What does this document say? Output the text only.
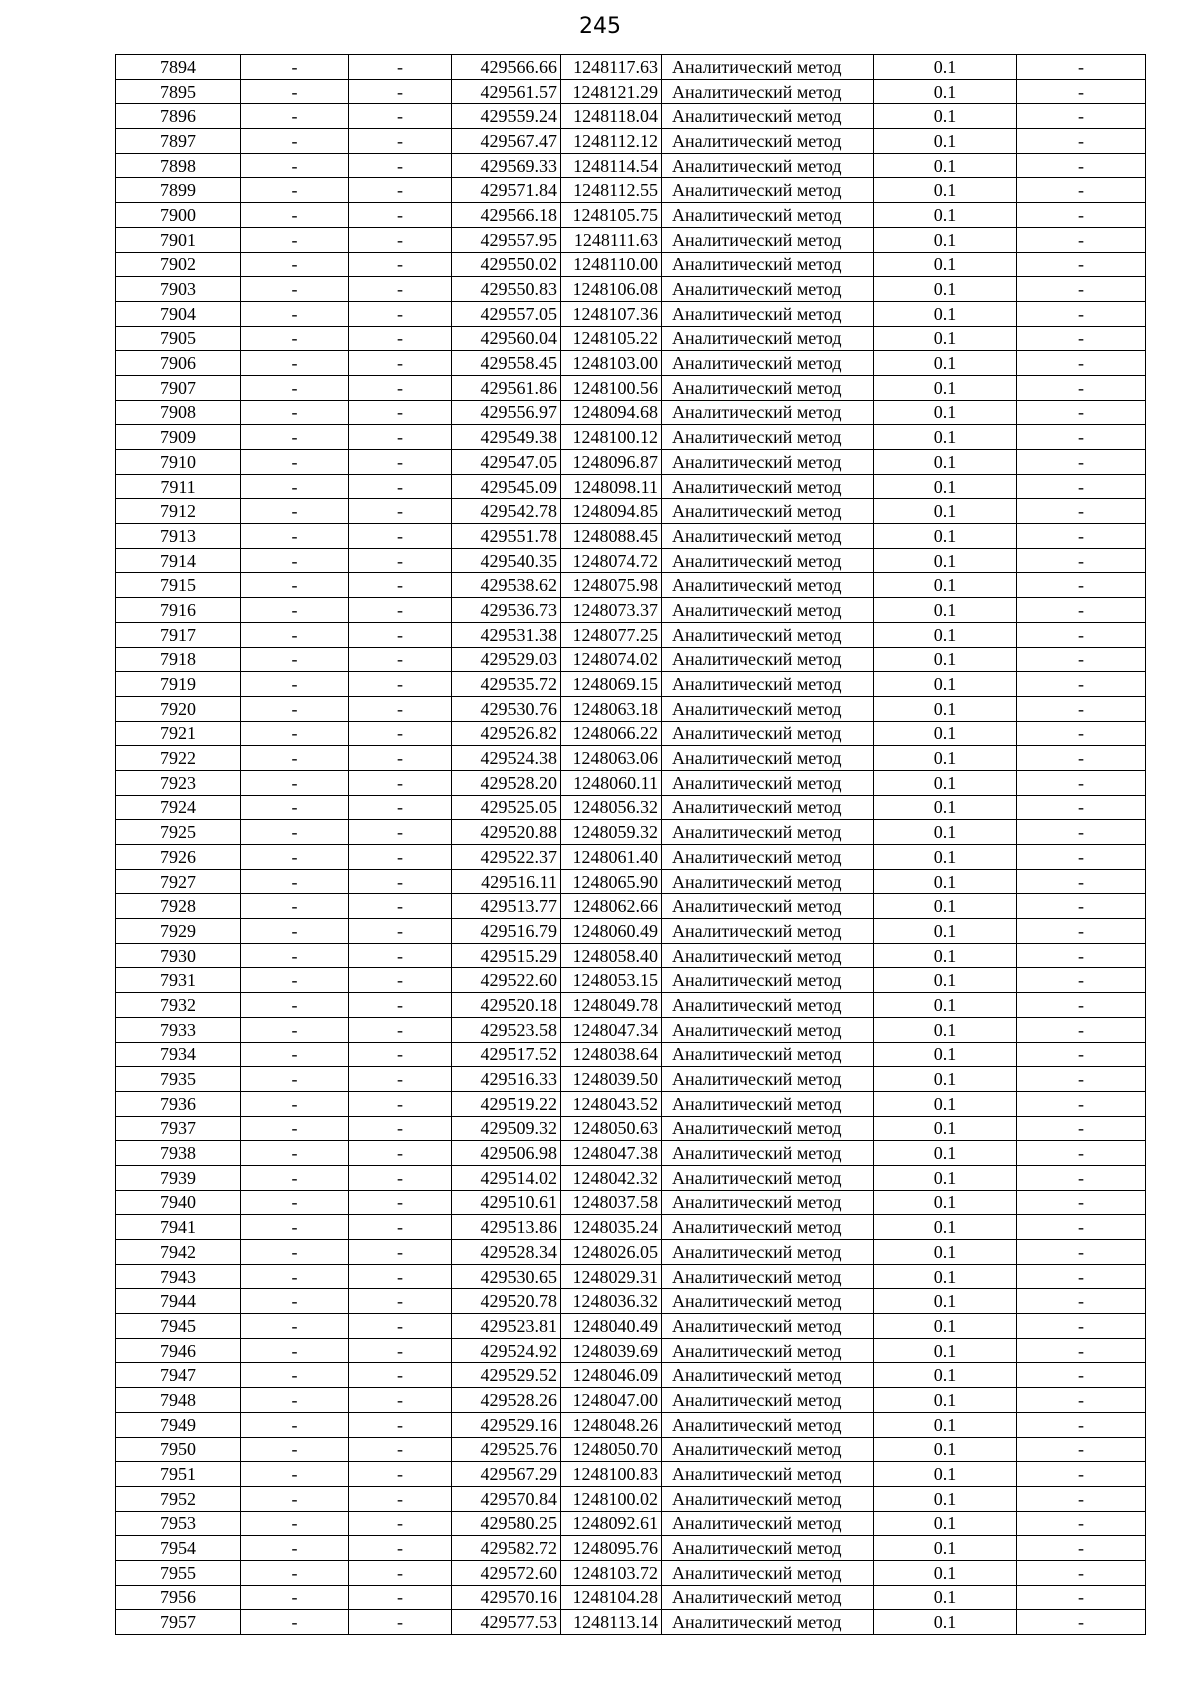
245
7894	-	-	429566.66	1248117.63	Аналитический метод	0.1	-
7895	-	-	429561.57	1248121.29	Аналитический метод	0.1	-
7896	-	-	429559.24	1248118.04	Аналитический метод	0.1	-
7897	-	-	429567.47	1248112.12	Аналитический метод	0.1	-
7898	-	-	429569.33	1248114.54	Аналитический метод	0.1	-
7899	-	-	429571.84	1248112.55	Аналитический метод	0.1	-
7900	-	-	429566.18	1248105.75	Аналитический метод	0.1	-
7901	-	-	429557.95	1248111.63	Аналитический метод	0.1	-
7902	-	-	429550.02	1248110.00	Аналитический метод	0.1	-
7903	-	-	429550.83	1248106.08	Аналитический метод	0.1	-
7904	-	-	429557.05	1248107.36	Аналитический метод	0.1	-
7905	-	-	429560.04	1248105.22	Аналитический метод	0.1	-
7906	-	-	429558.45	1248103.00	Аналитический метод	0.1	-
7907	-	-	429561.86	1248100.56	Аналитический метод	0.1	-
7908	-	-	429556.97	1248094.68	Аналитический метод	0.1	-
7909	-	-	429549.38	1248100.12	Аналитический метод	0.1	-
7910	-	-	429547.05	1248096.87	Аналитический метод	0.1	-
7911	-	-	429545.09	1248098.11	Аналитический метод	0.1	-
7912	-	-	429542.78	1248094.85	Аналитический метод	0.1	-
7913	-	-	429551.78	1248088.45	Аналитический метод	0.1	-
7914	-	-	429540.35	1248074.72	Аналитический метод	0.1	-
7915	-	-	429538.62	1248075.98	Аналитический метод	0.1	-
7916	-	-	429536.73	1248073.37	Аналитический метод	0.1	-
7917	-	-	429531.38	1248077.25	Аналитический метод	0.1	-
7918	-	-	429529.03	1248074.02	Аналитический метод	0.1	-
7919	-	-	429535.72	1248069.15	Аналитический метод	0.1	-
7920	-	-	429530.76	1248063.18	Аналитический метод	0.1	-
7921	-	-	429526.82	1248066.22	Аналитический метод	0.1	-
7922	-	-	429524.38	1248063.06	Аналитический метод	0.1	-
7923	-	-	429528.20	1248060.11	Аналитический метод	0.1	-
7924	-	-	429525.05	1248056.32	Аналитический метод	0.1	-
7925	-	-	429520.88	1248059.32	Аналитический метод	0.1	-
7926	-	-	429522.37	1248061.40	Аналитический метод	0.1	-
7927	-	-	429516.11	1248065.90	Аналитический метод	0.1	-
7928	-	-	429513.77	1248062.66	Аналитический метод	0.1	-
7929	-	-	429516.79	1248060.49	Аналитический метод	0.1	-
7930	-	-	429515.29	1248058.40	Аналитический метод	0.1	-
7931	-	-	429522.60	1248053.15	Аналитический метод	0.1	-
7932	-	-	429520.18	1248049.78	Аналитический метод	0.1	-
7933	-	-	429523.58	1248047.34	Аналитический метод	0.1	-
7934	-	-	429517.52	1248038.64	Аналитический метод	0.1	-
7935	-	-	429516.33	1248039.50	Аналитический метод	0.1	-
7936	-	-	429519.22	1248043.52	Аналитический метод	0.1	-
7937	-	-	429509.32	1248050.63	Аналитический метод	0.1	-
7938	-	-	429506.98	1248047.38	Аналитический метод	0.1	-
7939	-	-	429514.02	1248042.32	Аналитический метод	0.1	-
7940	-	-	429510.61	1248037.58	Аналитический метод	0.1	-
7941	-	-	429513.86	1248035.24	Аналитический метод	0.1	-
7942	-	-	429528.34	1248026.05	Аналитический метод	0.1	-
7943	-	-	429530.65	1248029.31	Аналитический метод	0.1	-
7944	-	-	429520.78	1248036.32	Аналитический метод	0.1	-
7945	-	-	429523.81	1248040.49	Аналитический метод	0.1	-
7946	-	-	429524.92	1248039.69	Аналитический метод	0.1	-
7947	-	-	429529.52	1248046.09	Аналитический метод	0.1	-
7948	-	-	429528.26	1248047.00	Аналитический метод	0.1	-
7949	-	-	429529.16	1248048.26	Аналитический метод	0.1	-
7950	-	-	429525.76	1248050.70	Аналитический метод	0.1	-
7951	-	-	429567.29	1248100.83	Аналитический метод	0.1	-
7952	-	-	429570.84	1248100.02	Аналитический метод	0.1	-
7953	-	-	429580.25	1248092.61	Аналитический метод	0.1	-
7954	-	-	429582.72	1248095.76	Аналитический метод	0.1	-
7955	-	-	429572.60	1248103.72	Аналитический метод	0.1	-
7956	-	-	429570.16	1248104.28	Аналитический метод	0.1	-
7957	-	-	429577.53	1248113.14	Аналитический метод	0.1	-
